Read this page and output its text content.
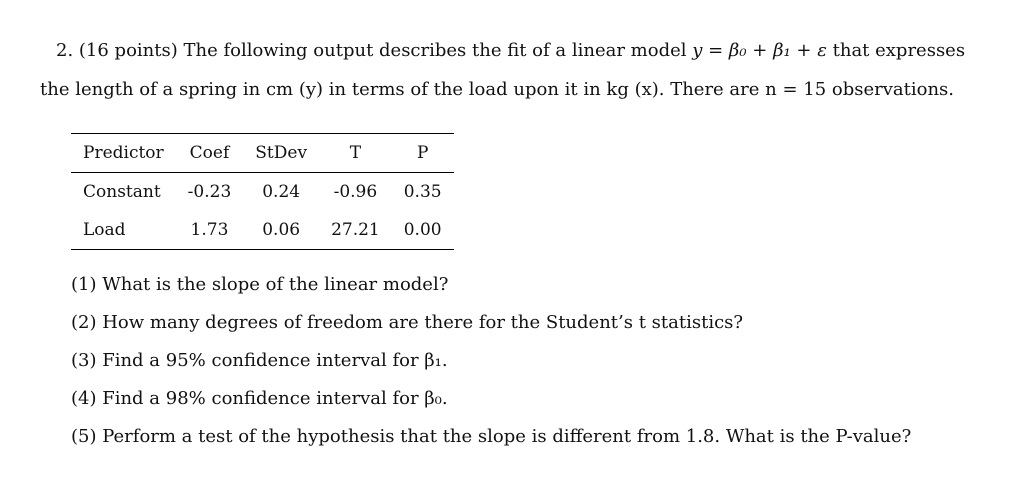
2. (16 points) The following output describes the fit of a linear model y = β₀ + β₁ + ε that expresses
the length of a spring in cm (y) in terms of the load upon it in kg (x). There are n = 15 observations.
Predictor	Coef	StDev	T	P
Constant	-0.23	0.24	-0.96	0.35
Load	1.73	0.06	27.21	0.00
(1) What is the slope of the linear model?
(2) How many degrees of freedom are there for the Student’s t statistics?
(3) Find a 95% confidence interval for β₁.
(4) Find a 98% confidence interval for β₀.
(5) Perform a test of the hypothesis that the slope is different from 1.8. What is the P-value?
